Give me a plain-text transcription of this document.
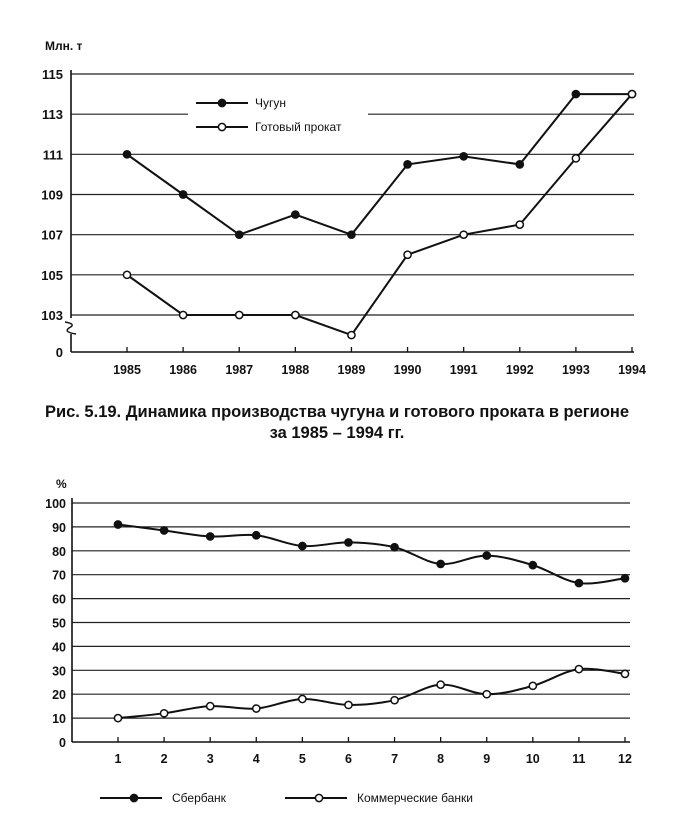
Млн. т
103
105
107
109
111
113
115
0
1985 1986 1987 1988 1989 1990 1991 1992 1993 1994
Чугун
Готовый прокат
Рис. 5.19. Динамика производства чугуна и готового проката в регионе
за 1985 – 1994 гг.
%
0
10
20
30
40
50
60
70
80
90
100
1	2	3	4	5	6	7	8	9	10	11	12
Сбербанк	Коммерческие банки
